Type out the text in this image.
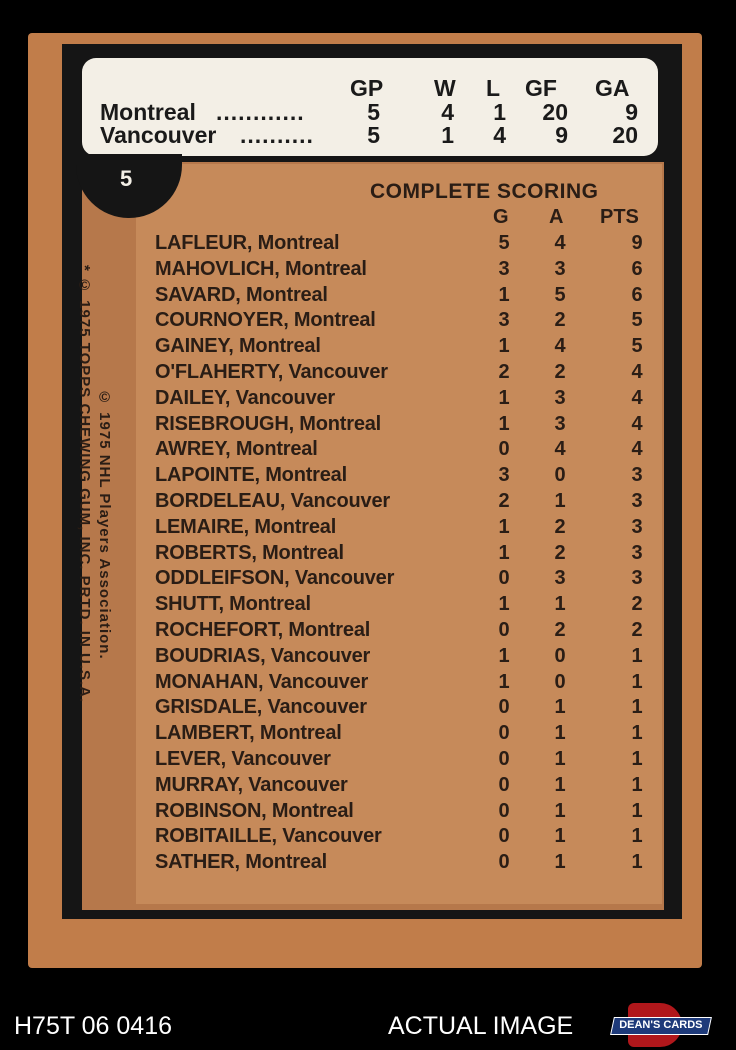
GP W L GF GA
Montreal ............	5	4	1	20	9
Vancouver ..........	5	1	4	9	20
5
COMPLETE SCORING
G A PTS
LAFLEUR, Montreal	5	4	9
MAHOVLICH, Montreal	3	3	6
SAVARD, Montreal	1	5	6
COURNOYER, Montreal	3	2	5
GAINEY, Montreal	1	4	5
O'FLAHERTY, Vancouver	2	2	4
DAILEY, Vancouver	1	3	4
RISEBROUGH, Montreal	1	3	4
AWREY, Montreal	0	4	4
LAPOINTE, Montreal	3	0	3
BORDELEAU, Vancouver	2	1	3
LEMAIRE, Montreal	1	2	3
ROBERTS, Montreal	1	2	3
ODDLEIFSON, Vancouver	0	3	3
SHUTT, Montreal	1	1	2
ROCHEFORT, Montreal	0	2	2
BOUDRIAS, Vancouver	1	0	1
MONAHAN, Vancouver	1	0	1
GRISDALE, Vancouver	0	1	1
LAMBERT, Montreal	0	1	1
LEVER, Vancouver	0	1	1
MURRAY, Vancouver	0	1	1
ROBINSON, Montreal	0	1	1
ROBITAILLE, Vancouver	0	1	1
SATHER, Montreal	0	1	1
* © 1975 TOPPS CHEWING GUM, INC. PRTD. IN U.S.A. © 1975 NHL Players Association.
H75T 06 0416	ACTUAL IMAGE	DEAN'S CARDS
